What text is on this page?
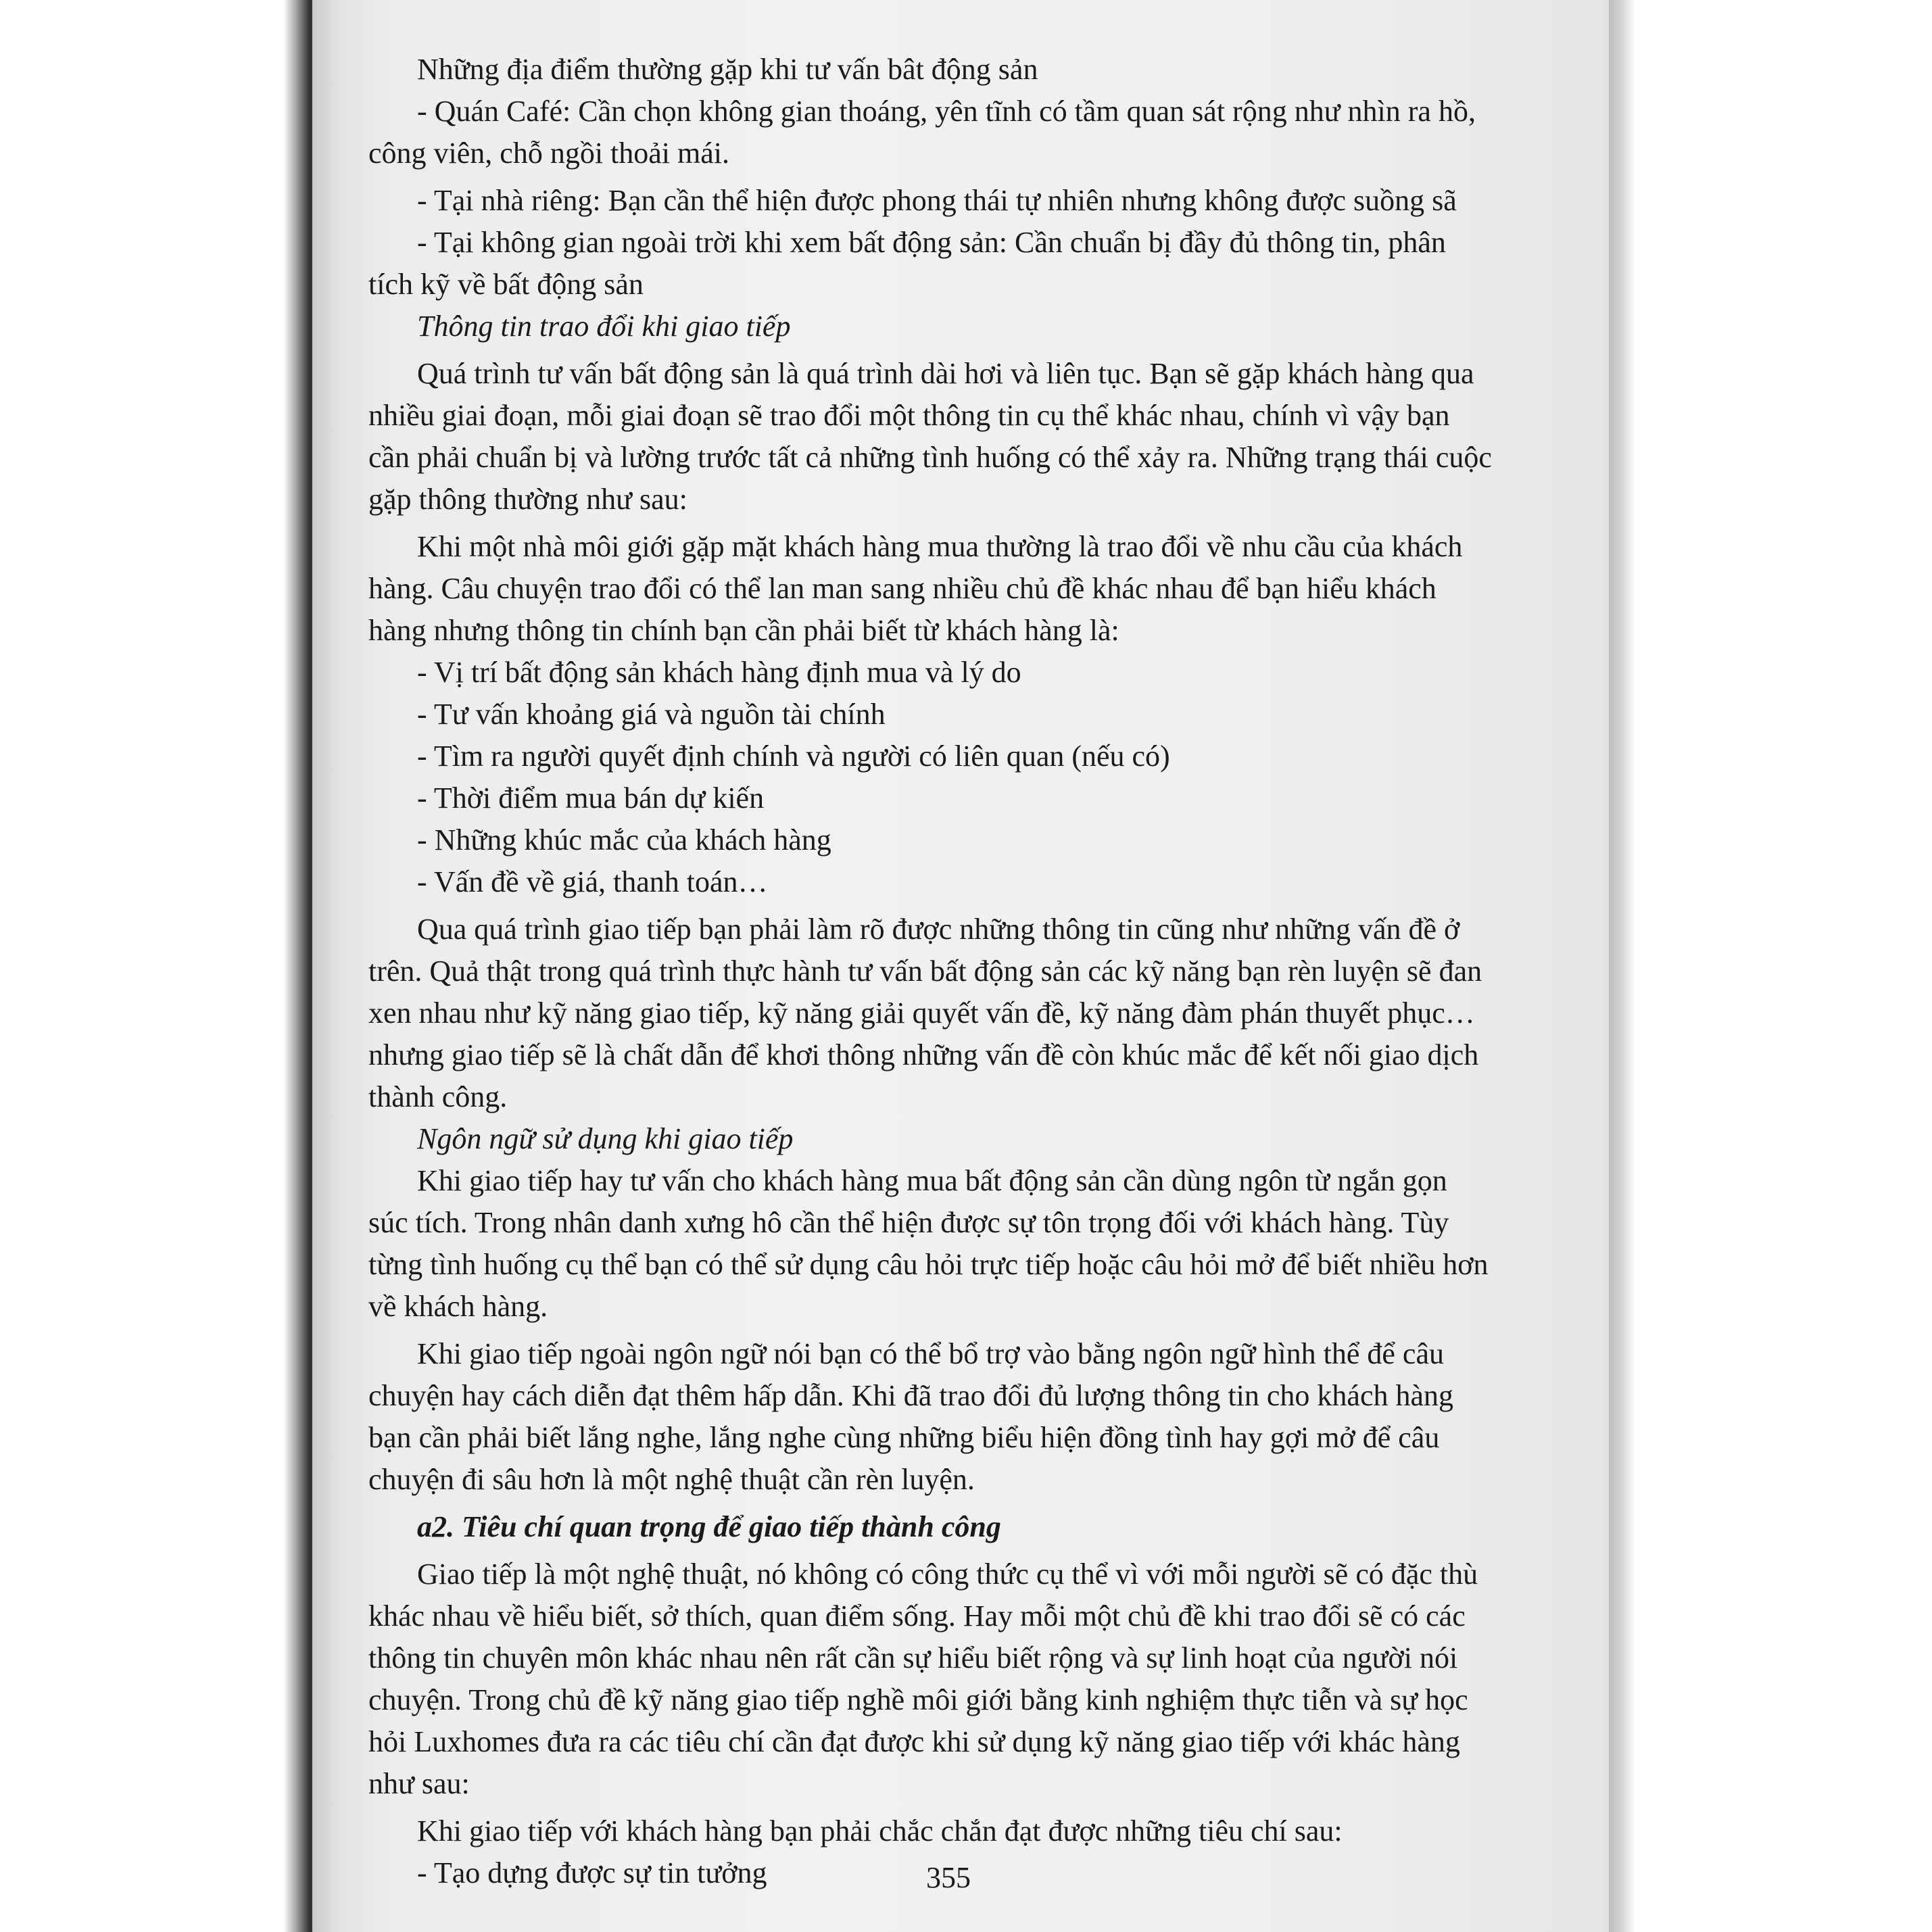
Những địa điểm thường gặp khi tư vấn bât động sản
- Quán Café: Cần chọn không gian thoáng, yên tĩnh có tầm quan sát rộng như nhìn ra hồ,
công viên, chỗ ngồi thoải mái.
- Tại nhà riêng: Bạn cần thể hiện được phong thái tự nhiên nhưng không được suồng sã
- Tại không gian ngoài trời khi xem bất động sản: Cần chuẩn bị đầy đủ thông tin, phân
tích kỹ về bất động sản
Thông tin trao đổi khi giao tiếp
Quá trình tư vấn bất động sản là quá trình dài hơi và liên tục. Bạn sẽ gặp khách hàng qua
nhiều giai đoạn, mỗi giai đoạn sẽ trao đổi một thông tin cụ thể khác nhau, chính vì vậy bạn
cần phải chuẩn bị và lường trước tất cả những tình huống có thể xảy ra. Những trạng thái cuộc
gặp thông thường như sau:
Khi một nhà môi giới gặp mặt khách hàng mua thường là trao đổi về nhu cầu của khách
hàng. Câu chuyện trao đổi có thể lan man sang nhiều chủ đề khác nhau để bạn hiểu khách
hàng nhưng thông tin chính bạn cần phải biết từ khách hàng là:
- Vị trí bất động sản khách hàng định mua và lý do
- Tư vấn khoảng giá và nguồn tài chính
- Tìm ra người quyết định chính và người có liên quan (nếu có)
- Thời điểm mua bán dự kiến
- Những khúc mắc của khách hàng
- Vấn đề về giá, thanh toán…
Qua quá trình giao tiếp bạn phải làm rõ được những thông tin cũng như những vấn đề ở
trên. Quả thật trong quá trình thực hành tư vấn bất động sản các kỹ năng bạn rèn luyện sẽ đan
xen nhau như kỹ năng giao tiếp, kỹ năng giải quyết vấn đề, kỹ năng đàm phán thuyết phục…
nhưng giao tiếp sẽ là chất dẫn để khơi thông những vấn đề còn khúc mắc để kết nối giao dịch
thành công.
Ngôn ngữ sử dụng khi giao tiếp
Khi giao tiếp hay tư vấn cho khách hàng mua bất động sản cần dùng ngôn từ ngắn gọn
súc tích. Trong nhân danh xưng hô cần thể hiện được sự tôn trọng đối với khách hàng. Tùy
từng tình huống cụ thể bạn có thể sử dụng câu hỏi trực tiếp hoặc câu hỏi mở để biết nhiều hơn
về khách hàng.
Khi giao tiếp ngoài ngôn ngữ nói bạn có thể bổ trợ vào bằng ngôn ngữ hình thể để câu
chuyện hay cách diễn đạt thêm hấp dẫn. Khi đã trao đổi đủ lượng thông tin cho khách hàng
bạn cần phải biết lắng nghe, lắng nghe cùng những biểu hiện đồng tình hay gợi mở để câu
chuyện đi sâu hơn là một nghệ thuật cần rèn luyện.
a2. Tiêu chí quan trọng để giao tiếp thành công
Giao tiếp là một nghệ thuật, nó không có công thức cụ thể vì với mỗi người sẽ có đặc thù
khác nhau về hiểu biết, sở thích, quan điểm sống. Hay mỗi một chủ đề khi trao đổi sẽ có các
thông tin chuyên môn khác nhau nên rất cần sự hiểu biết rộng và sự linh hoạt của người nói
chuyện. Trong chủ đề kỹ năng giao tiếp nghề môi giới bằng kinh nghiệm thực tiễn và sự học
hỏi Luxhomes đưa ra các tiêu chí cần đạt được khi sử dụng kỹ năng giao tiếp với khác hàng
như sau:
Khi giao tiếp với khách hàng bạn phải chắc chắn đạt được những tiêu chí sau:
- Tạo dựng được sự tin tưởng	355
